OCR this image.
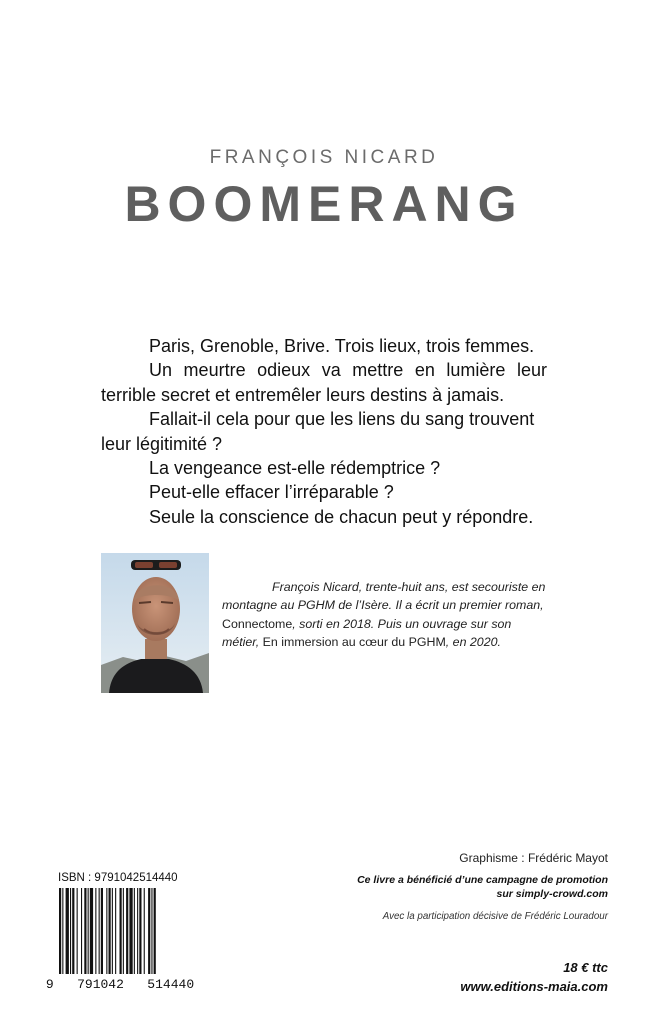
FRANÇOIS NICARD
BOOMERANG

Paris, Grenoble, Brive. Trois lieux, trois femmes.

Un meurtre odieux va mettre en lumière leur terrible secret et entremêler leurs destins à jamais.

Fallait-il cela pour que les liens du sang trouvent leur légitimité ?

La vengeance est-elle rédemptrice ?

Peut-elle effacer l’irréparable ?

Seule la conscience de chacun peut y répondre.

François Nicard, trente-huit ans, est secouriste en montagne au PGHM de l’Isère. Il a écrit un premier roman, Connectome, sorti en 2018. Puis un ouvrage sur son métier, En immersion au cœur du PGHM, en 2020.

Graphisme : Frédéric Mayot
Ce livre a bénéficié d’une campagne de promotion
sur simply-crowd.com
Avec la participation décisive de Frédéric Louradour
ISBN : 9791042514440
9   791042   514440
18 € ttc
www.editions-maia.com
